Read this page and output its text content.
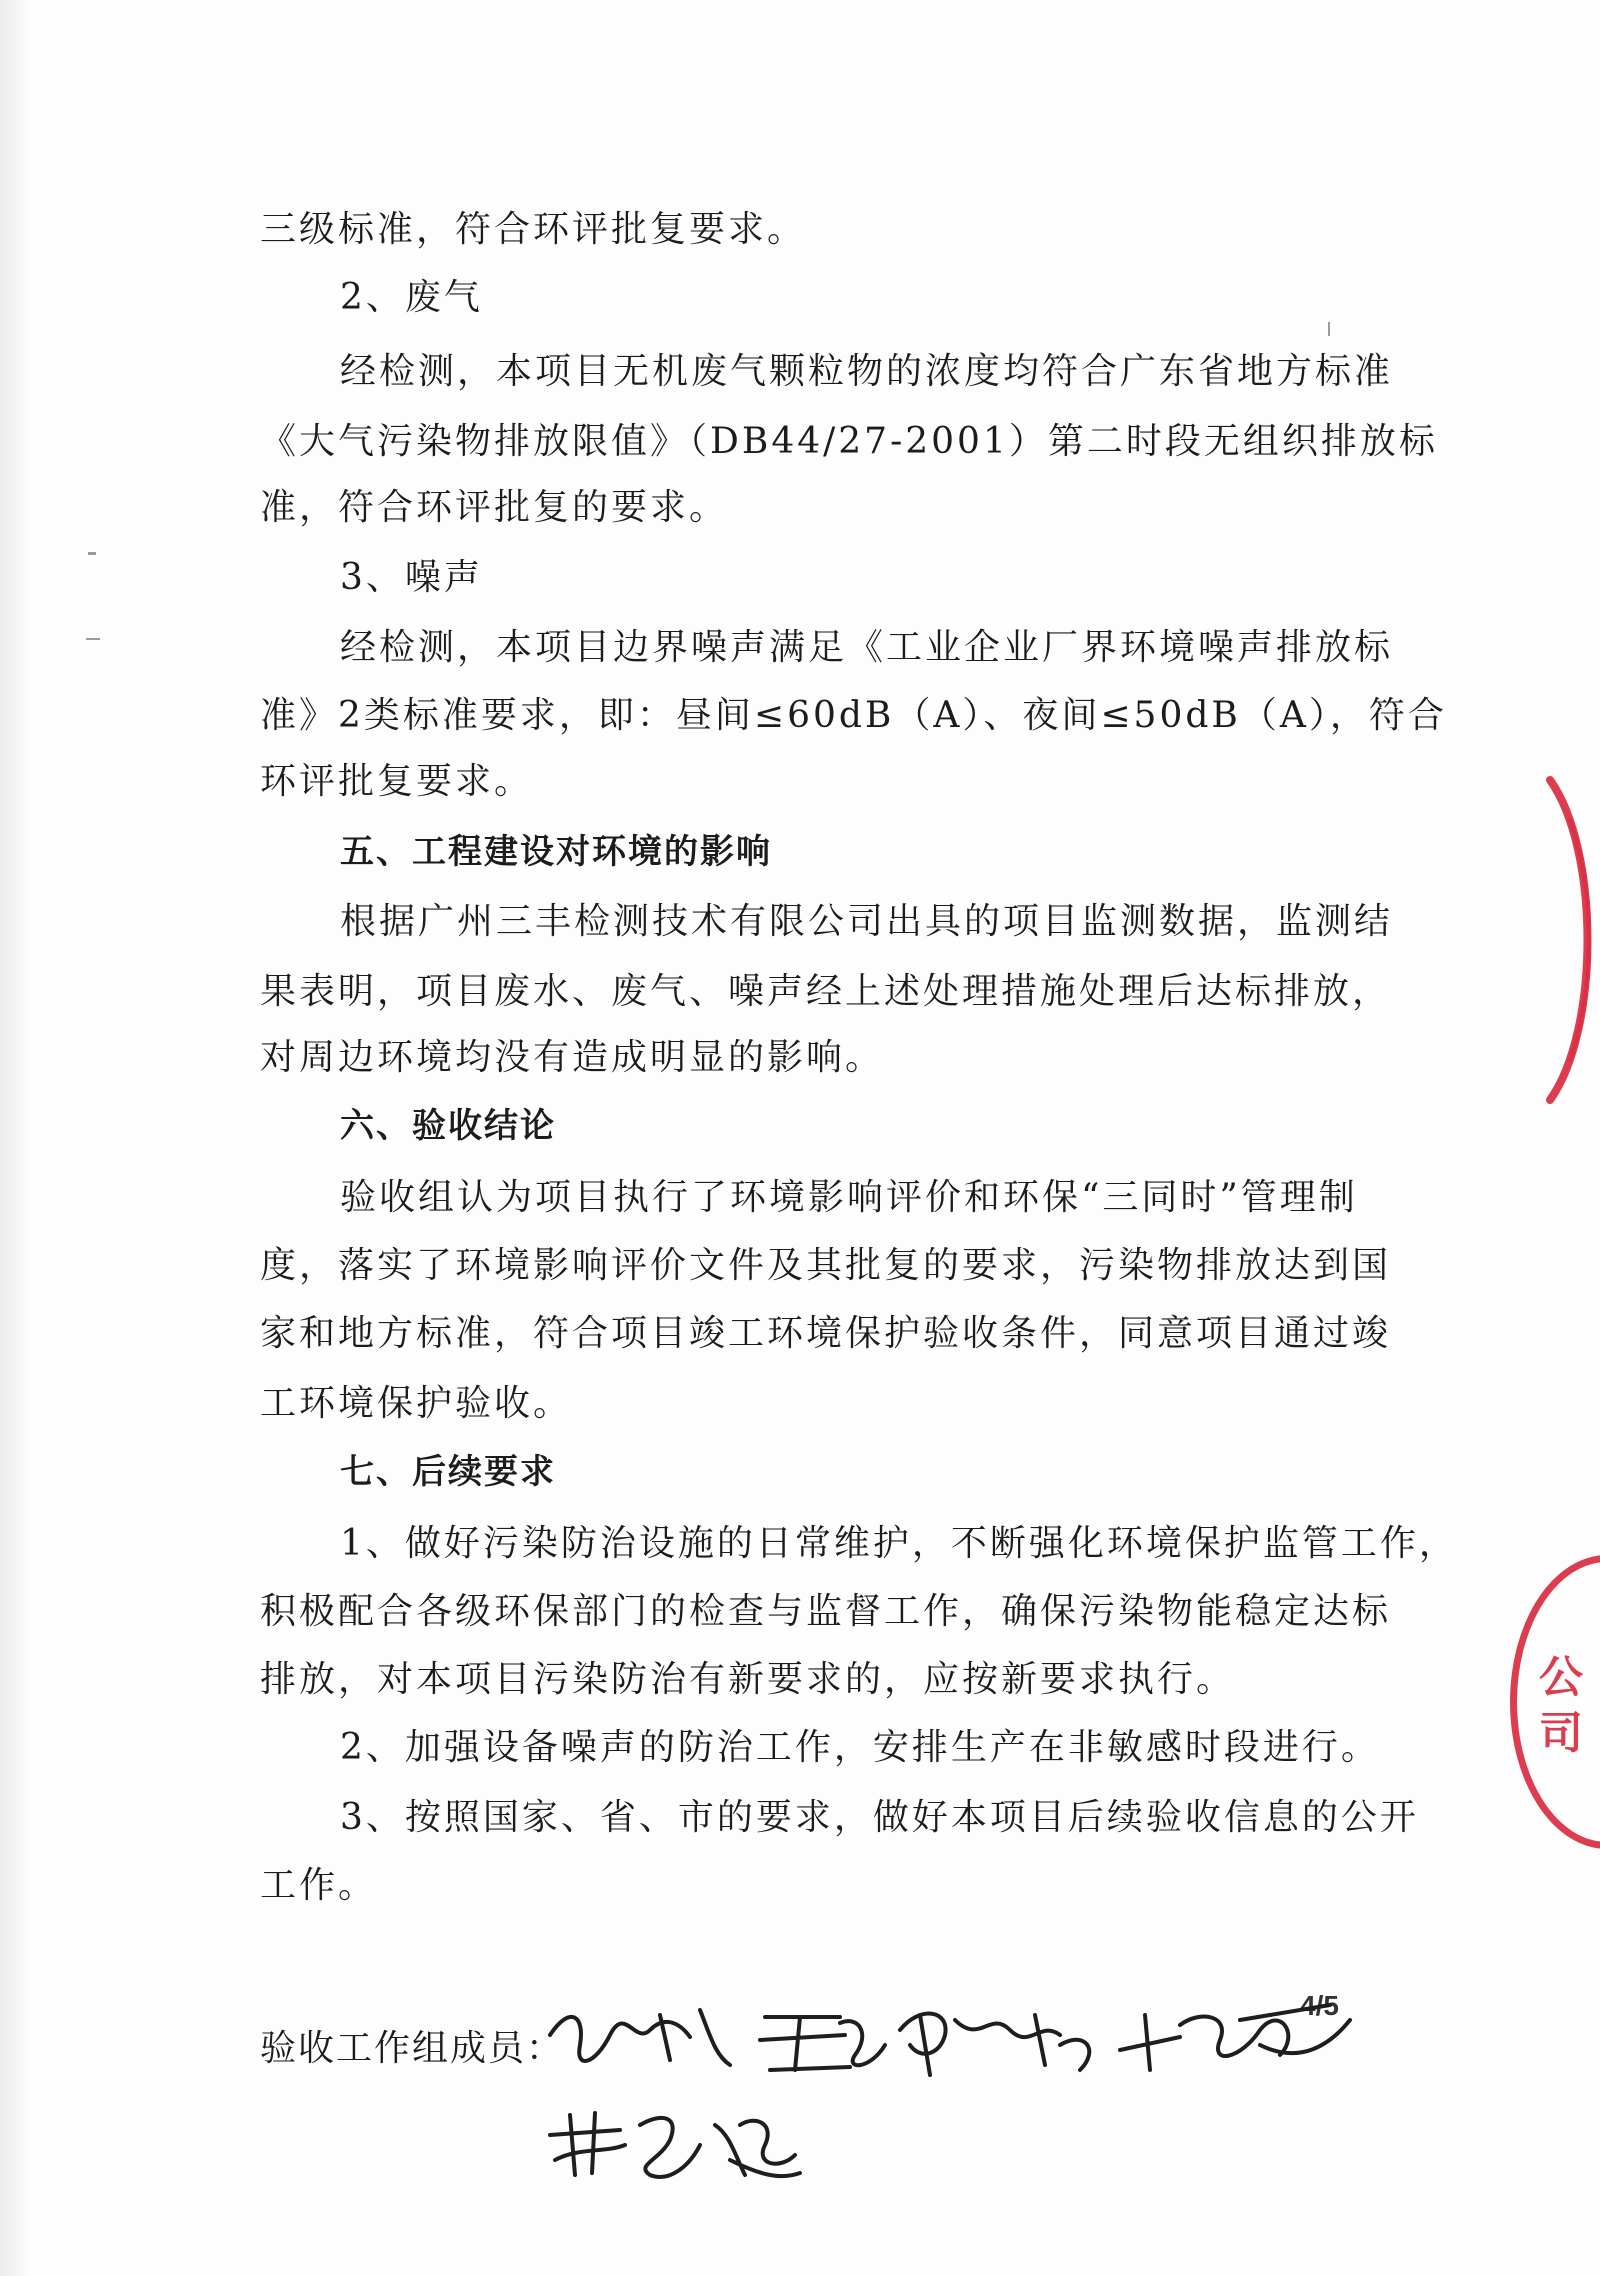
三级标准，符合环评批复要求。

2、废气

经检测，本项目无机废气颗粒物的浓度均符合广东省地方标准

《大气污染物排放限值》（DB44/27-2001）第二时段无组织排放标

准，符合环评批复的要求。

3、噪声

经检测，本项目边界噪声满足《工业企业厂界环境噪声排放标

准》2类标准要求，即：昼间≤60dB（A）、夜间≤50dB（A），符合

环评批复要求。

五、工程建设对环境的影响

根据广州三丰检测技术有限公司出具的项目监测数据，监测结

果表明，项目废水、废气、噪声经上述处理措施处理后达标排放，

对周边环境均没有造成明显的影响。

六、验收结论

验收组认为项目执行了环境影响评价和环保“三同时”管理制

度，落实了环境影响评价文件及其批复的要求，污染物排放达到国

家和地方标准，符合项目竣工环境保护验收条件，同意项目通过竣

工环境保护验收。

七、后续要求

1、做好污染防治设施的日常维护，不断强化环境保护监管工作，

积极配合各级环保部门的检查与监督工作，确保污染物能稳定达标

排放，对本项目污染防治有新要求的，应按新要求执行。

2、加强设备噪声的防治工作，安排生产在非敏感时段进行。

3、按照国家、省、市的要求，做好本项目后续验收信息的公开

工作。

4/5
验收工作组成员：
公司
